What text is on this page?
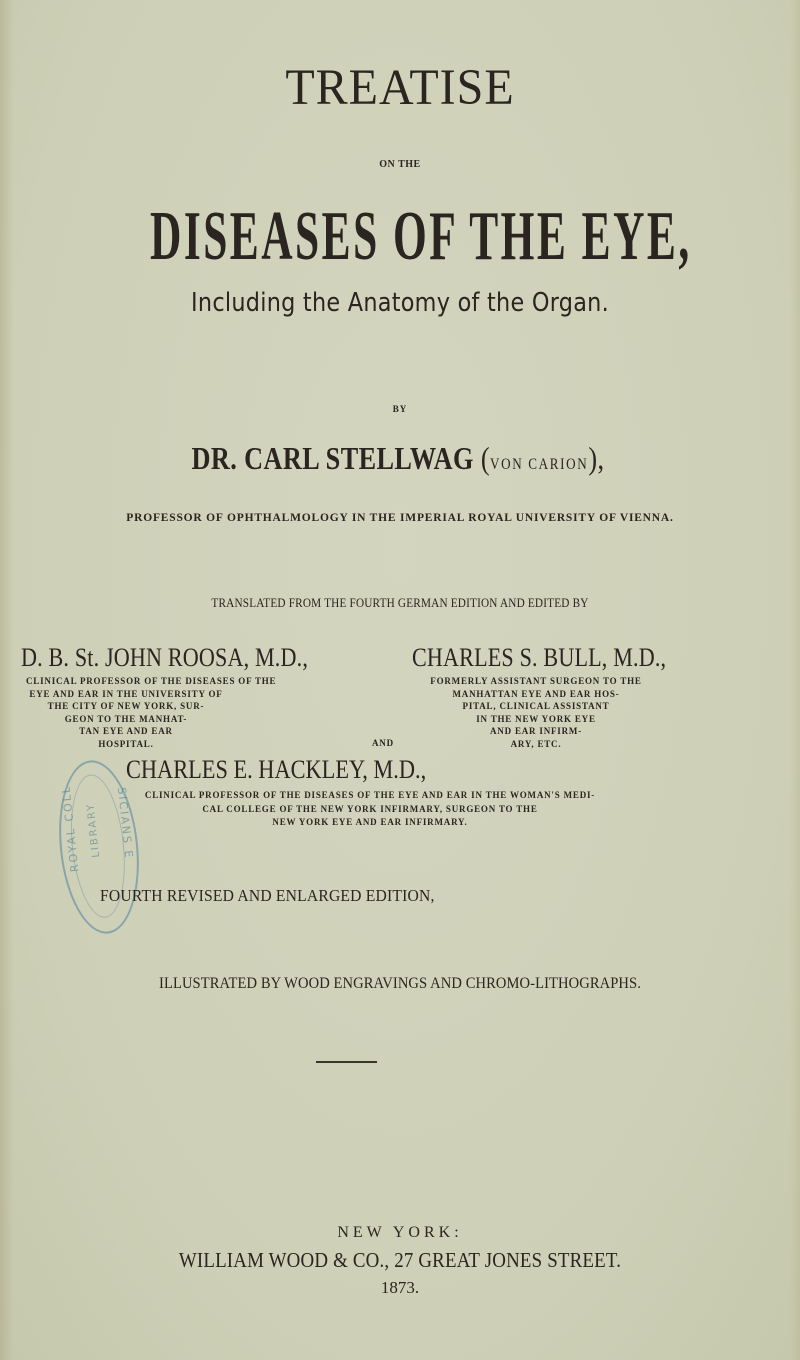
TREATISE
ON THE
DISEASES OF THE EYE,
Including the Anatomy of the Organ.
BY
DR. CARL STELLWAG (VON CARION),
PROFESSOR OF OPHTHALMOLOGY IN THE IMPERIAL ROYAL UNIVERSITY OF VIENNA.
TRANSLATED FROM THE FOURTH GERMAN EDITION AND EDITED BY
D. B. St. JOHN ROOSA, M.D.,
CLINICAL PROFESSOR OF THE DISEASES OF THE
EYE AND EAR IN THE UNIVERSITY OF
THE CITY OF NEW YORK, SUR-
GEON TO THE MANHAT-
TAN EYE AND EAR
HOSPITAL.	AND
CHARLES S. BULL, M.D.,
FORMERLY ASSISTANT SURGEON TO THE
MANHATTAN EYE AND EAR HOS-
PITAL, CLINICAL ASSISTANT
IN THE NEW YORK EYE
AND EAR INFIRM-
ARY, ETC.
CHARLES E. HACKLEY, M.D.,
CLINICAL PROFESSOR OF THE DISEASES OF THE EYE AND EAR IN THE WOMAN'S MEDI-
CAL COLLEGE OF THE NEW YORK INFIRMARY, SURGEON TO THE
NEW YORK EYE AND EAR INFIRMARY.
ROYAL COLL LIBRARY SICIANS E
FOURTH REVISED AND ENLARGED EDITION,
ILLUSTRATED BY WOOD ENGRAVINGS AND CHROMO-LITHOGRAPHS.
NEW YORK:
WILLIAM WOOD & CO., 27 GREAT JONES STREET.
1873.
